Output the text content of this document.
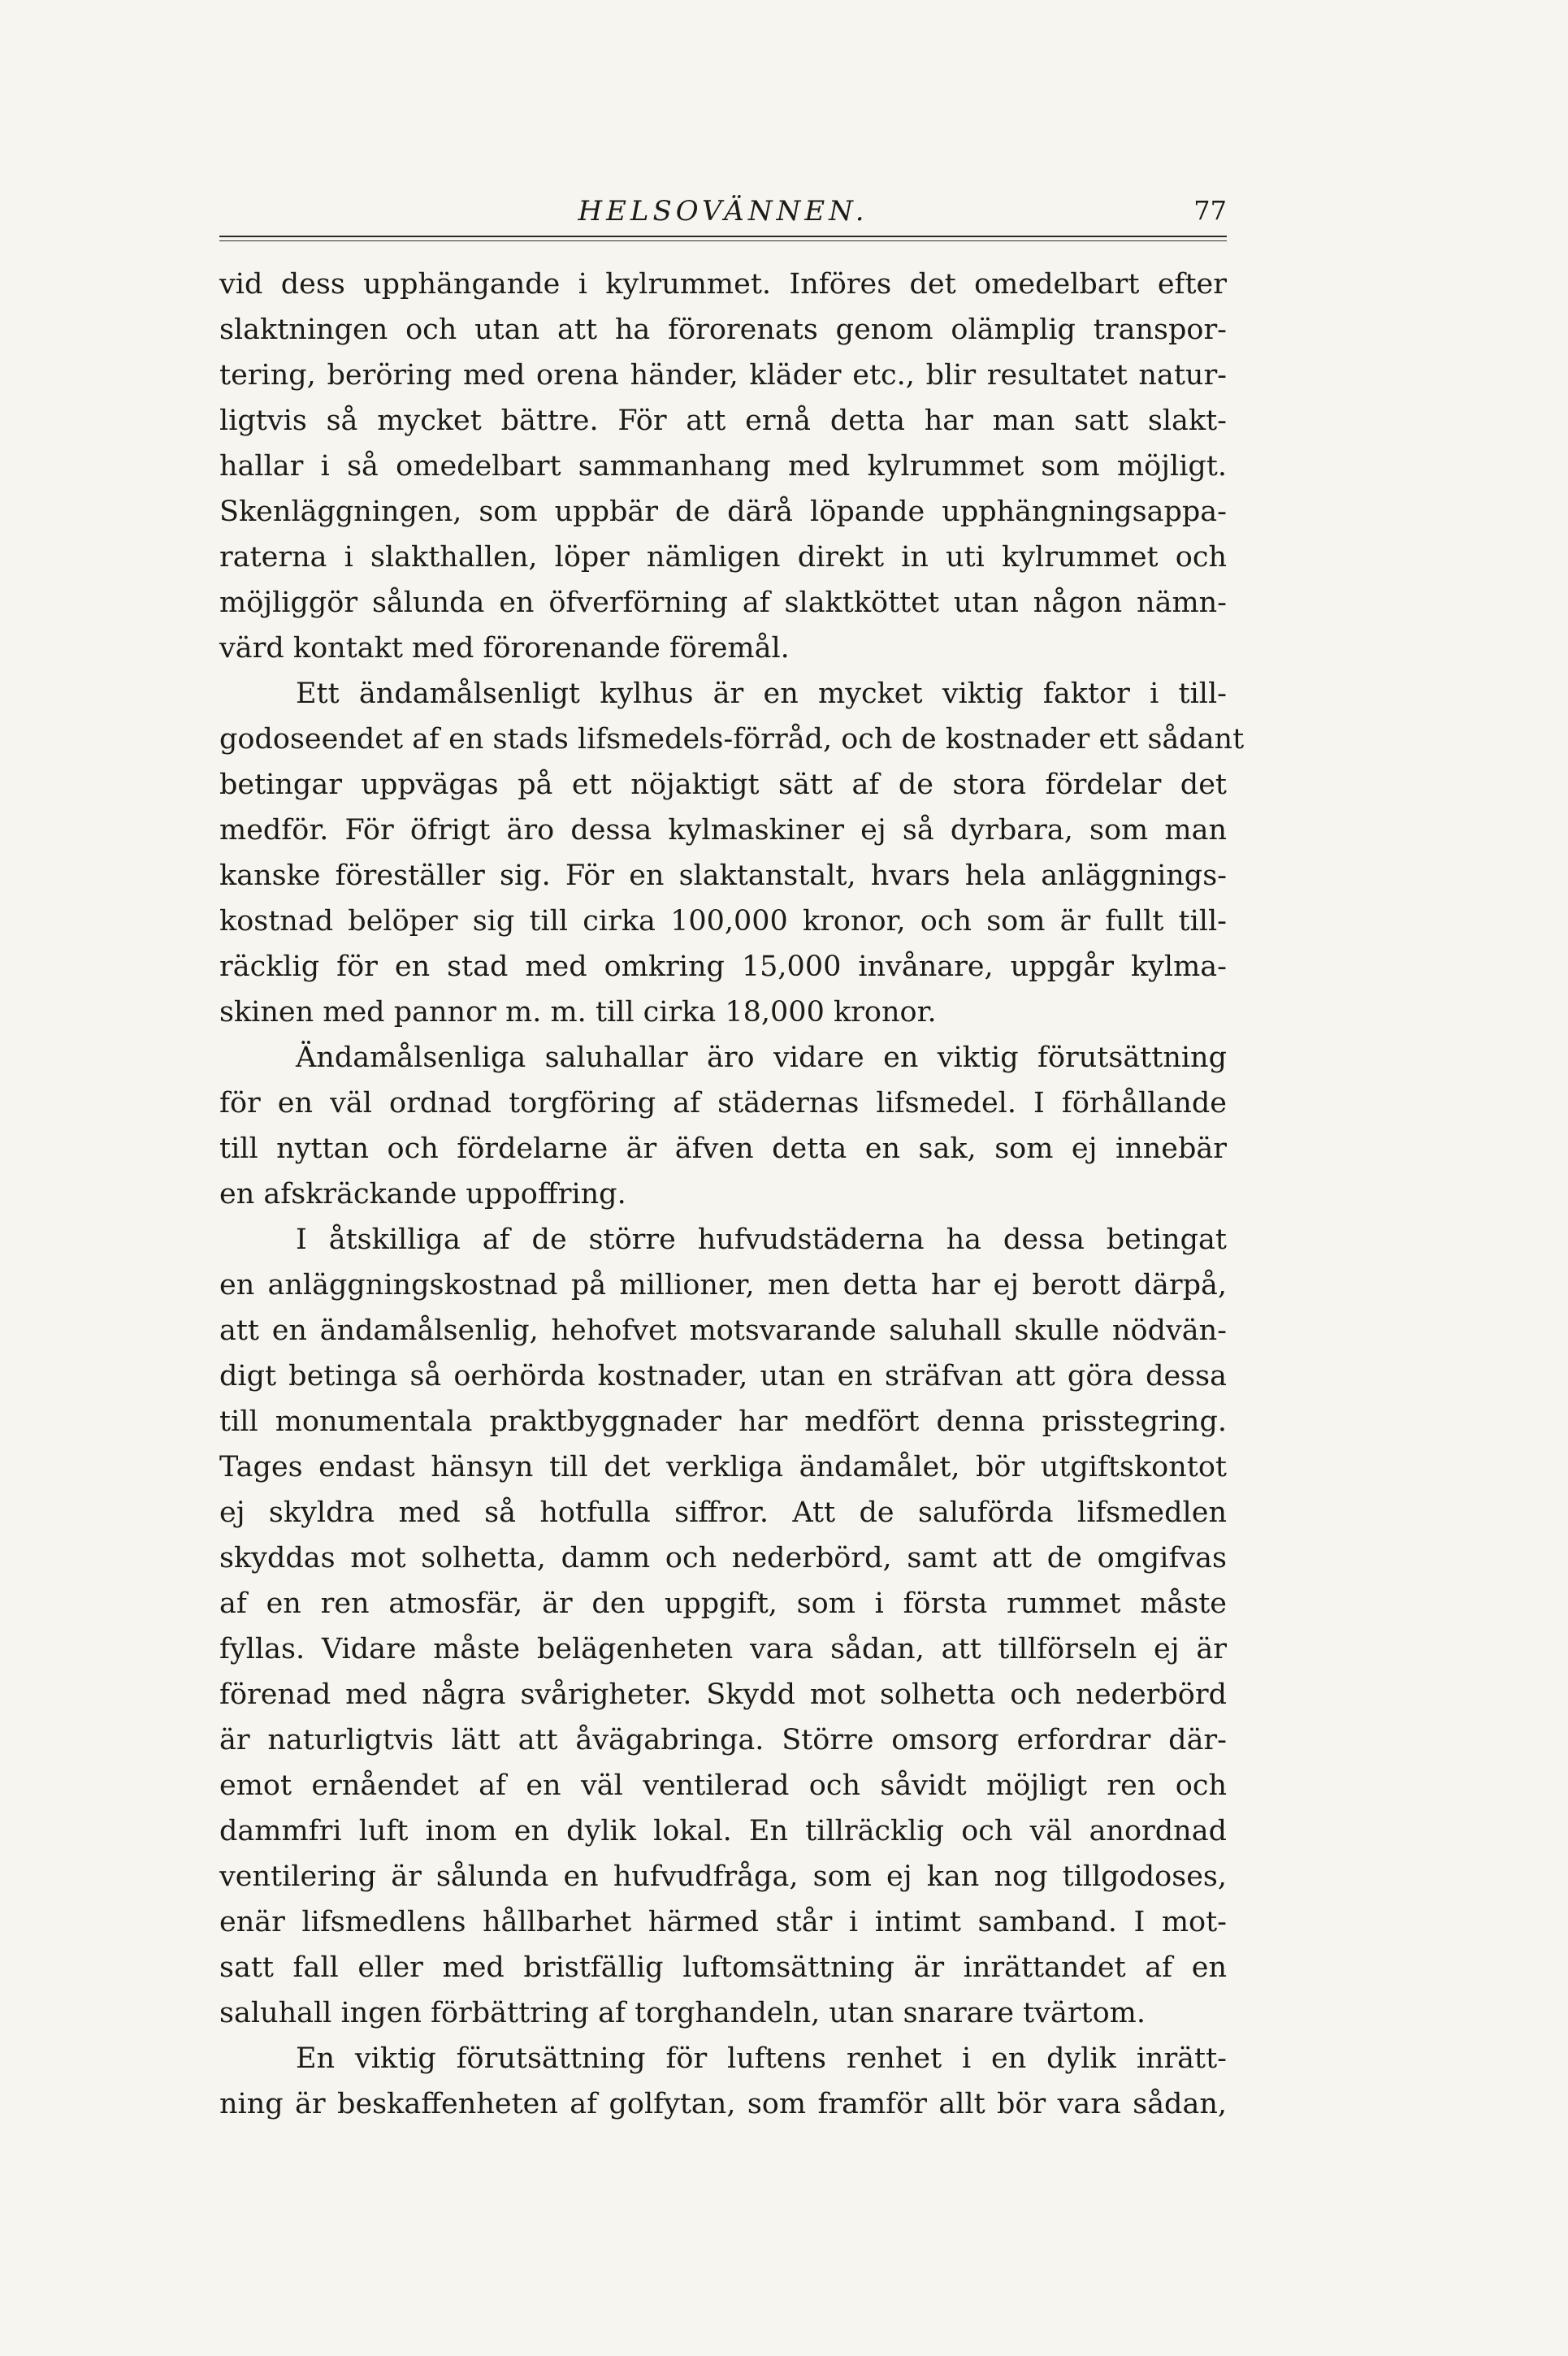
HELSOVÄNNEN.	77

vid dess upphängande i kylrummet. Införes det omedelbart efter
slaktningen och utan att ha förorenats genom olämplig transpor-
tering, beröring med orena händer, kläder etc., blir resultatet natur-
ligtvis så mycket bättre. För att ernå detta har man satt slakt-
hallar i så omedelbart sammanhang med kylrummet som möjligt.
Skenläggningen, som uppbär de därå löpande upphängningsappa-
raterna i slakthallen, löper nämligen direkt in uti kylrummet och
möjliggör sålunda en öfverförning af slaktköttet utan någon nämn-
värd kontakt med förorenande föremål.

Ett ändamålsenligt kylhus är en mycket viktig faktor i till-
godoseendet af en stads lifsmedels-förråd, och de kostnader ett sådant
betingar uppvägas på ett nöjaktigt sätt af de stora fördelar det
medför. För öfrigt äro dessa kylmaskiner ej så dyrbara, som man
kanske föreställer sig. För en slaktanstalt, hvars hela anläggnings-
kostnad belöper sig till cirka 100,000 kronor, och som är fullt till-
räcklig för en stad med omkring 15,000 invånare, uppgår kylma-
skinen med pannor m. m. till cirka 18,000 kronor.

Ändamålsenliga saluhallar äro vidare en viktig förutsättning
för en väl ordnad torgföring af städernas lifsmedel. I förhållande
till nyttan och fördelarne är äfven detta en sak, som ej innebär
en afskräckande uppoffring.

I åtskilliga af de större hufvudstäderna ha dessa betingat
en anläggningskostnad på millioner, men detta har ej berott därpå,
att en ändamålsenlig, hehofvet motsvarande saluhall skulle nödvän-
digt betinga så oerhörda kostnader, utan en sträfvan att göra dessa
till monumentala praktbyggnader har medfört denna prisstegring.
Tages endast hänsyn till det verkliga ändamålet, bör utgiftskontot
ej skyldra med så hotfulla siffror. Att de saluförda lifsmedlen
skyddas mot solhetta, damm och nederbörd, samt att de omgifvas
af en ren atmosfär, är den uppgift, som i första rummet måste
fyllas. Vidare måste belägenheten vara sådan, att tillförseln ej är
förenad med några svårigheter. Skydd mot solhetta och nederbörd
är naturligtvis lätt att åvägabringa. Större omsorg erfordrar där-
emot ernåendet af en väl ventilerad och såvidt möjligt ren och
dammfri luft inom en dylik lokal. En tillräcklig och väl anordnad
ventilering är sålunda en hufvudfråga, som ej kan nog tillgodoses,
enär lifsmedlens hållbarhet härmed står i intimt samband. I mot-
satt fall eller med bristfällig luftomsättning är inrättandet af en
saluhall ingen förbättring af torghandeln, utan snarare tvärtom.

En viktig förutsättning för luftens renhet i en dylik inrätt-
ning är beskaffenheten af golfytan, som framför allt bör vara sådan,
